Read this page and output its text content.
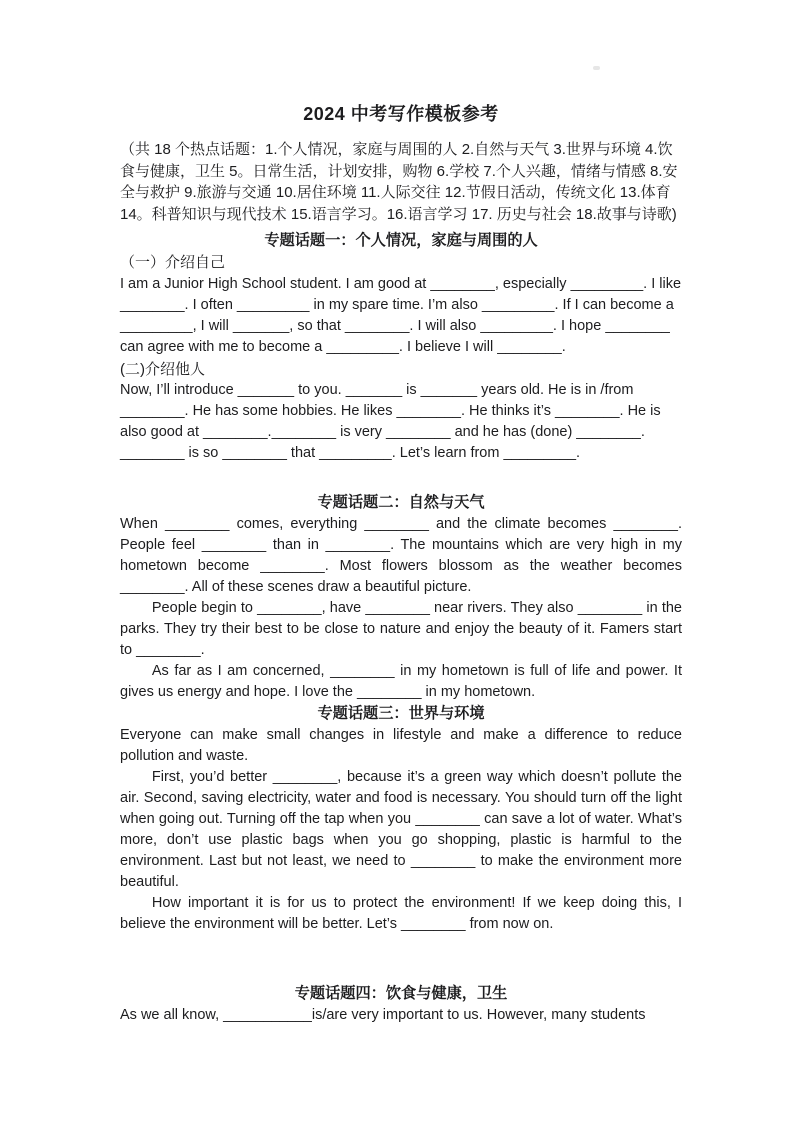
2024 中考写作模板参考

（共 18 个热点话题：1.个人情况，家庭与周围的人 2.自然与天气 3.世界与环境 4.饮食与健康，卫生 5。日常生活，计划安排，购物 6.学校 7.个人兴趣，情绪与情感 8.安全与救护 9.旅游与交通 10.居住环境 11.人际交往 12.节假日活动，传统文化 13.体育 14。科普知识与现代技术 15.语言学习。16.语言学习 17. 历史与社会 18.故事与诗歌)

专题话题一：个人情况，家庭与周围的人

（一）介绍自己

I am a Junior High School student. I am good at ________, especially _________. I like ________. I often _________ in my spare time. I’m also _________. If I can become a _________, I will _______, so that ________. I will also _________. I hope ________ can agree with me to become a _________. I believe I will ________.

(二)介绍他人

Now, I’ll introduce _______ to you. _______ is _______ years old. He is in /from ________. He has some hobbies. He likes ________. He thinks it’s ________. He is also good at ________.________ is very ________ and he has (done) ________. ________ is so ________ that _________. Let’s learn from _________.

专题话题二：自然与天气

When ________ comes, everything ________ and the climate becomes ________. People feel ________ than in ________. The mountains which are very high in my hometown become ________. Most flowers blossom as the weather becomes ________. All of these scenes draw a beautiful picture.

People begin to ________, have ________ near rivers. They also ________ in the parks. They try their best to be close to nature and enjoy the beauty of it. Famers start to ________.

As far as I am concerned, ________ in my hometown is full of life and power. It gives us energy and hope. I love the ________ in my hometown.

专题话题三：世界与环境

Everyone can make small changes in lifestyle and make a difference to reduce pollution and waste.

First, you’d better ________, because it’s a green way which doesn’t pollute the air. Second, saving electricity, water and food is necessary. You should turn off the light when going out. Turning off the tap when you ________ can save a lot of water. What’s more, don’t use plastic bags when you go shopping, plastic is harmful to the environment. Last but not least, we need to ________ to make the environment more beautiful.

How important it is for us to protect the environment! If we keep doing this, I believe the environment will be better. Let’s ________ from now on.

专题话题四：饮食与健康，卫生

As we all know, ___________is/are very important to us. However, many students
